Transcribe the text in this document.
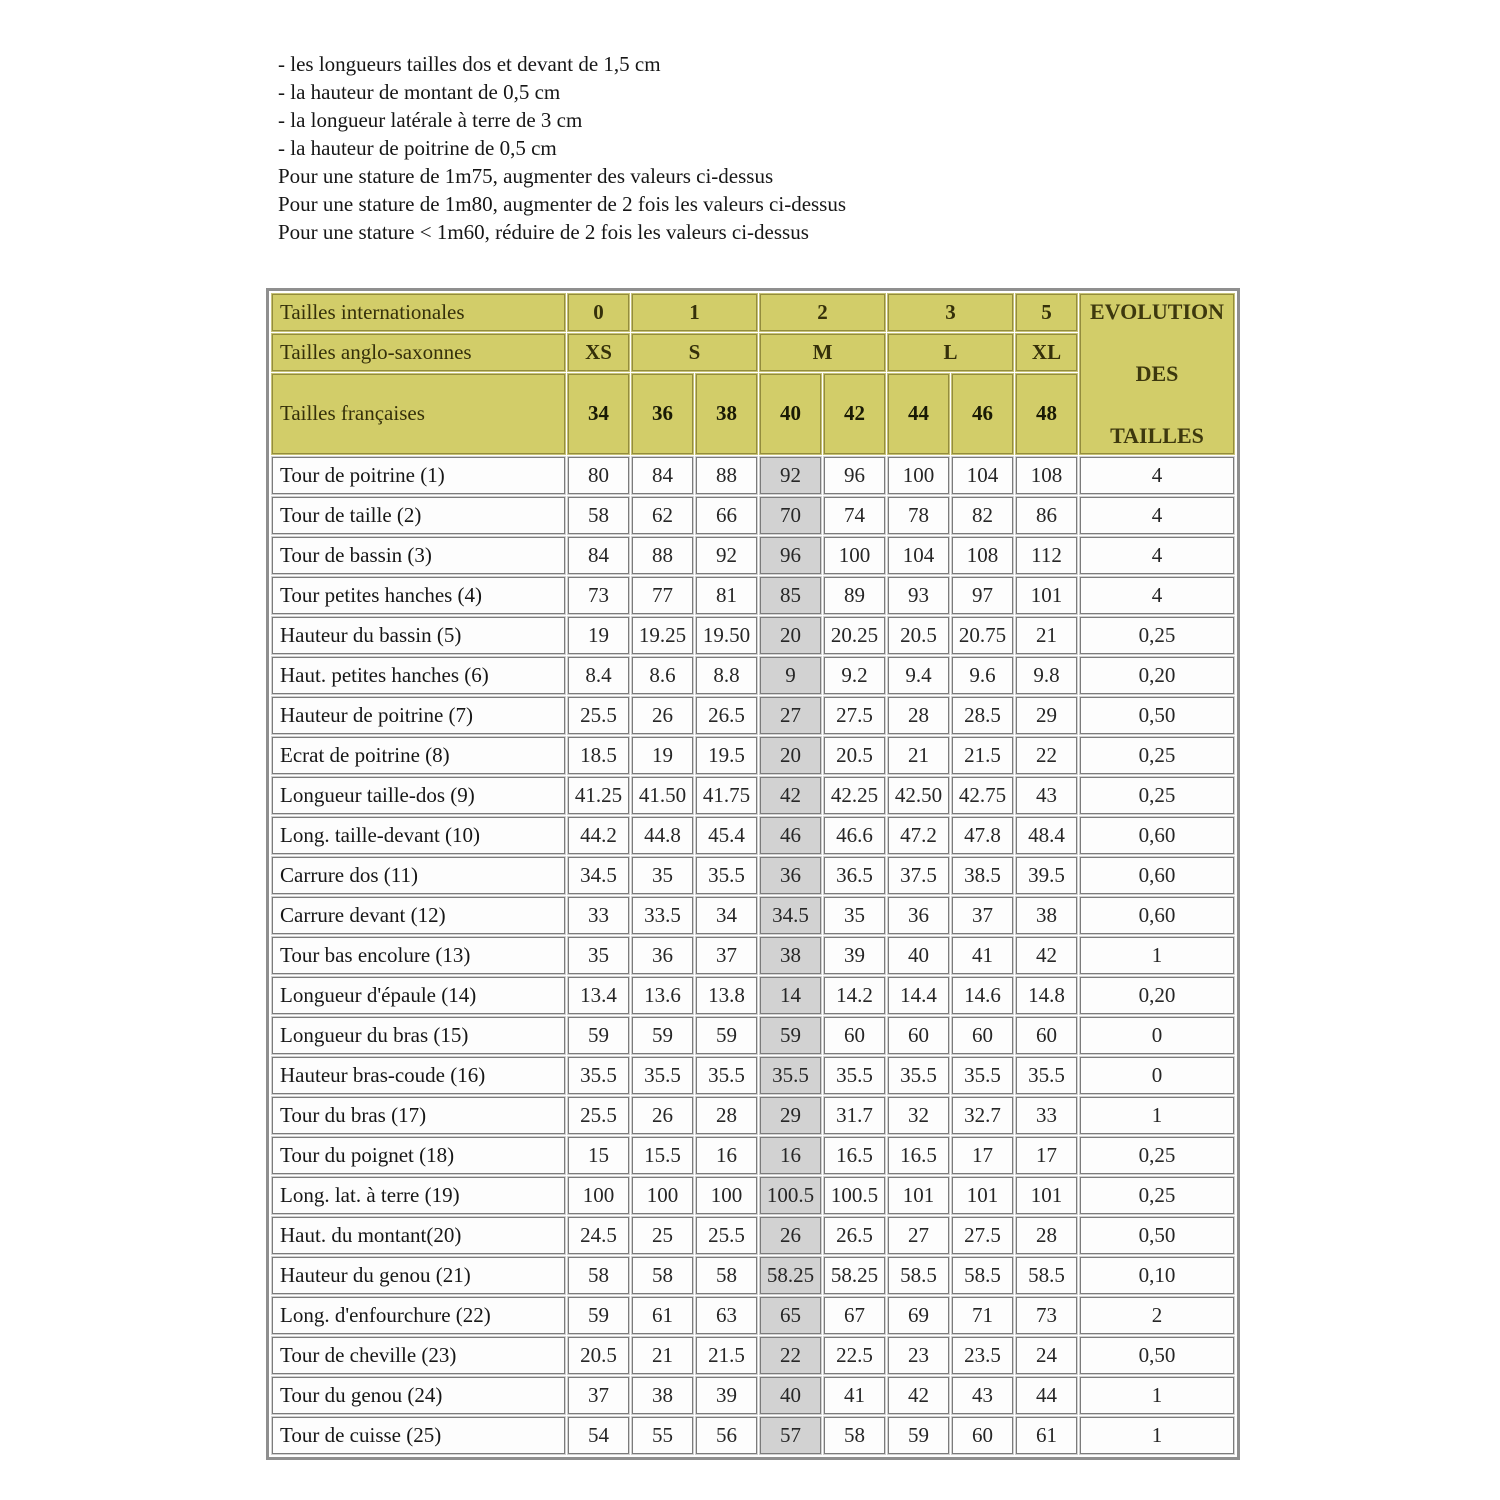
- les longueurs tailles dos et devant de 1,5 cm
- la hauteur de montant de 0,5 cm
- la longueur latérale à terre de 3 cm
- la hauteur de poitrine de 0,5 cm
Pour une stature de 1m75, augmenter des valeurs ci-dessus
Pour une stature de 1m80, augmenter de 2 fois les valeurs ci-dessus
Pour une stature < 1m60, réduire de 2 fois les valeurs ci-dessus
Tailles internationales	0	1		2		3		5	EVOLUTION
DES
TAILLES

Tailles anglo-saxonnes	XS	S		M		L		XL	
Tailles françaises	34	36	38	40	42	44	46	48	
Tour de poitrine (1)	80	84	88	92	96	100	104	108	4
Tour de taille (2)	58	62	66	70	74	78	82	86	4
Tour de bassin (3)	84	88	92	96	100	104	108	112	4
Tour petites hanches (4)	73	77	81	85	89	93	97	101	4
Hauteur du bassin (5)	19	19.25	19.50	20	20.25	20.5	20.75	21	0,25
Haut. petites hanches (6)	8.4	8.6	8.8	9	9.2	9.4	9.6	9.8	0,20
Hauteur de poitrine (7)	25.5	26	26.5	27	27.5	28	28.5	29	0,50
Ecrat de poitrine (8)	18.5	19	19.5	20	20.5	21	21.5	22	0,25
Longueur taille-dos (9)	41.25	41.50	41.75	42	42.25	42.50	42.75	43	0,25
Long. taille-devant (10)	44.2	44.8	45.4	46	46.6	47.2	47.8	48.4	0,60
Carrure dos (11)	34.5	35	35.5	36	36.5	37.5	38.5	39.5	0,60
Carrure devant (12)	33	33.5	34	34.5	35	36	37	38	0,60
Tour bas encolure (13)	35	36	37	38	39	40	41	42	1
Longueur d'épaule (14)	13.4	13.6	13.8	14	14.2	14.4	14.6	14.8	0,20
Longueur du bras (15)	59	59	59	59	60	60	60	60	0
Hauteur bras-coude (16)	35.5	35.5	35.5	35.5	35.5	35.5	35.5	35.5	0
Tour du bras (17)	25.5	26	28	29	31.7	32	32.7	33	1
Tour du poignet (18)	15	15.5	16	16	16.5	16.5	17	17	0,25
Long. lat. à terre (19)	100	100	100	100.5	100.5	101	101	101	0,25
Haut. du montant(20)	24.5	25	25.5	26	26.5	27	27.5	28	0,50
Hauteur du genou (21)	58	58	58	58.25	58.25	58.5	58.5	58.5	0,10
Long. d'enfourchure (22)	59	61	63	65	67	69	71	73	2
Tour de cheville (23)	20.5	21	21.5	22	22.5	23	23.5	24	0,50
Tour du genou (24)	37	38	39	40	41	42	43	44	1
Tour de cuisse (25)	54	55	56	57	58	59	60	61	1
